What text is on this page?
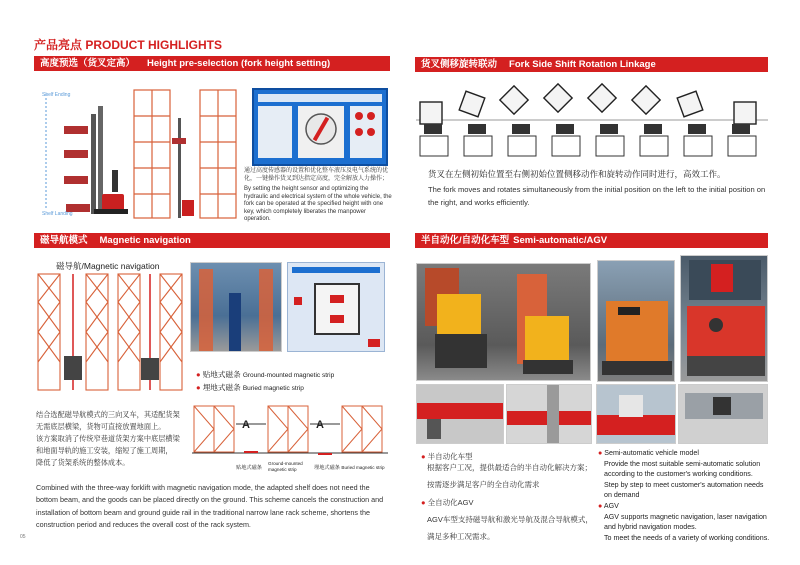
产品亮点 PRODUCT HIGHLIGHTS
高度预选（货叉定高） Height pre-selection (fork height setting)
Shelf Ending
Shelf Landing
通过高度传感器的设置和优化整车液压及电气系统的优化，一键操作货叉到达指定高度，完全解放人力操作；
By setting the height sensor and optimizing the hydraulic and electrical system of the whole vehicle, the fork can be operated at the specified height with one key, which completely liberates the manpower operation.
货叉侧移旋转联动 Fork Side Shift Rotation Linkage
货叉在左侧初始位置至右侧初始位置侧移动作和旋转动作同时进行，高效工作。
The fork moves and rotates simultaneously from the initial position on the left to the initial position on the right, and works efficiently.
磁导航模式 Magnetic navigation
磁导航/Magnetic navigation
● 贴地式磁条 Ground-mounted magnetic strip
● 埋地式磁条 Buried magnetic strip
结合选配磁导航模式的三向叉车，其适配货架
无需底层横梁，货物可直接放置地面上。
该方案取消了传统窄巷道货架方案中底层横梁
和地面导轨的施工安装，缩短了施工周期，
降低了货架系统的整体成本。
A	A
贴地式磁条
Ground-mounted magnetic strip	埋地式磁条 Buried magnetic strip
Combined with the three-way forklift with magnetic navigation mode, the adapted shelf does not need the bottom beam, and the goods can be placed directly on the ground. This scheme cancels the construction and installation of bottom beam and ground guide rail in the traditional narrow lane rack scheme, shortens the construction period and reduces the overall cost of the rack system.
05
半自动化/自动化车型 Semi-automatic/AGV
● 半自动化车型
根据客户工况，提供最适合的半自动化解决方案；
按需逐步满足客户的全自动化需求
● 全自动化AGV
AGV车型支持磁导航和激光导航及混合导航模式，
满足多种工况需求。
● Semi-automatic vehicle model
Provide the most suitable semi-automatic solution according to the customer's working conditions.
Step by step to meet customer's automation needs on demand
● AGV
AGV supports magnetic navigation, laser navigation and hybrid navigation modes.
To meet the needs of a variety of working conditions.
